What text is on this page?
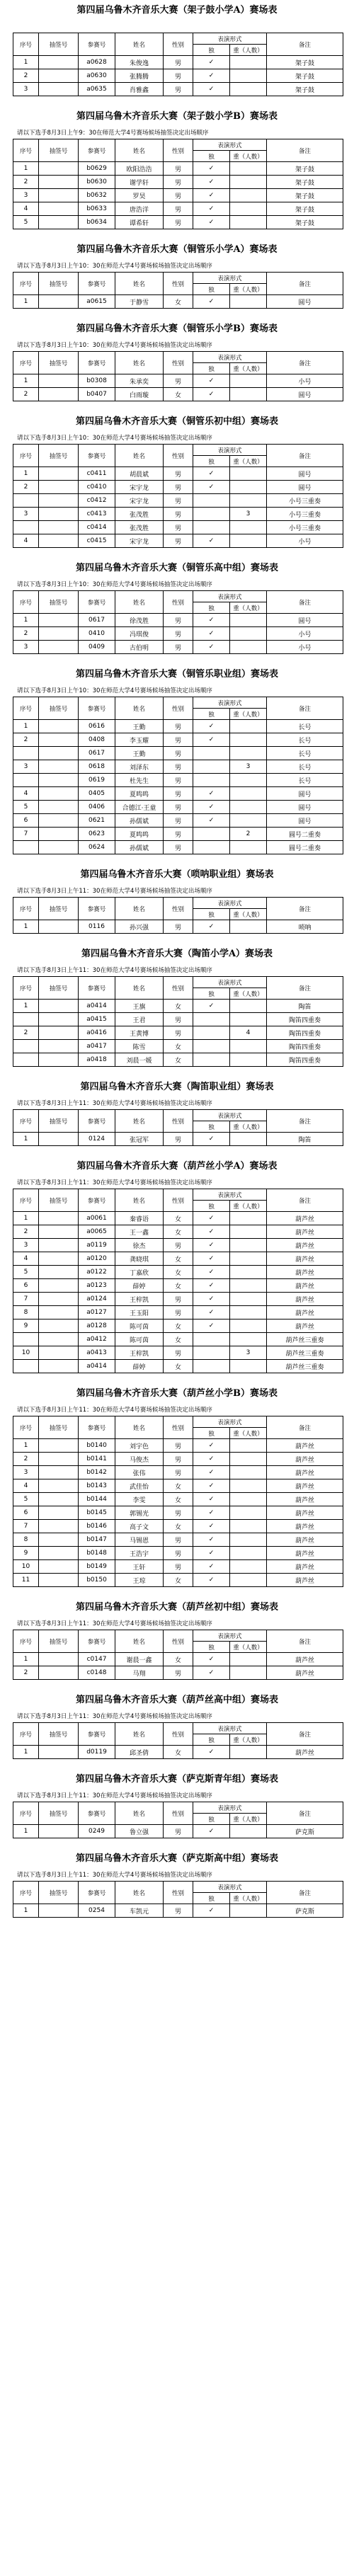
第四届乌鲁木齐音乐大赛（架子鼓小学A）赛场表
序号	抽签号	参赛号	姓名	性别	表演形式		备注
					独	重（人数）	
1		a0628	朱俊逸	男	✓		架子鼓
2		a0630	张腾腾	男	✓		架子鼓
3		a0635	肖雅鑫	男	✓		架子鼓
第四届乌鲁木齐音乐大赛（架子鼓小学B）赛场表
请以下选手8月3日上午9：30在师范大学4号赛场候场抽签决定出场顺序
序号	抽签号	参赛号	姓名	性别	表演形式		备注
					独	重（人数）	
1		b0629	欧阳浩浩	男	✓		架子鼓
2		b0630	谢学轩	男	✓		架子鼓
3		b0632	罗昊	男	✓		架子鼓
4		b0633	唐浩洋	男	✓		架子鼓
5		b0634	谭希轩	男	✓		架子鼓
第四届乌鲁木齐音乐大赛（铜管乐小学A）赛场表
请以下选手8月3日上午10：30在师范大学4号赛场候场抽签决定出场顺序
序号	抽签号	参赛号	姓名	性别	表演形式		备注
					独	重（人数）	
1		a0615	于静雪	女	✓		圆号
第四届乌鲁木齐音乐大赛（铜管乐小学B）赛场表
请以下选手8月3日上午10：30在师范大学4号赛场候场抽签决定出场顺序
序号	抽签号	参赛号	姓名	性别	表演形式		备注
					独	重（人数）	
1		b0308	朱承奕	男	✓		小号
2		b0407	白雨璇	女	✓		圆号
第四届乌鲁木齐音乐大赛（铜管乐初中组）赛场表
请以下选手8月3日上午10：30在师范大学4号赛场候场抽签决定出场顺序
序号	抽签号	参赛号	姓名	性别	表演形式		备注
					独	重（人数）	
1		c0411	胡晨斌	男	✓		圆号
2		c0410	宋宇龙	男	✓		圆号
		c0412	宋宇龙	男			小号三重奏
3		c0413	张茂胜	男		3	小号三重奏
		c0414	张茂胜	男			小号三重奏
4		c0415	宋宇龙	男	✓		小号
第四届乌鲁木齐音乐大赛（铜管乐高中组）赛场表
请以下选手8月3日上午10：30在师范大学4号赛场候场抽签决定出场顺序
序号	抽签号	参赛号	姓名	性别	表演形式		备注
					独	重（人数）	
1		0617	徐茂胜	男	✓		圆号
2		0410	冯琪俊	男	✓		小号
3		0409	古伯明	男	✓		小号
第四届乌鲁木齐音乐大赛（铜管乐职业组）赛场表
请以下选手8月3日上午10：30在师范大学4号赛场候场抽签决定出场顺序
序号	抽签号	参赛号	姓名	性别	表演形式		备注
					独	重（人数）	
1		0616	王勤	男	✓		长号
2		0408	李玉耀	男	✓		长号
		0617	王勤	男			长号
3		0618	刘泽东	男		3	长号
		0619	杜先生	男			长号
4		0405	夏鸣鸣	男	✓		圆号
5		0406	合德江·王童	男	✓		圆号
6		0621	孙儒斌	男	✓		圆号
7		0623	夏鸣鸣	男		2	圆号二重奏
		0624	孙儒斌	男			圆号二重奏
第四届乌鲁木齐音乐大赛（唢呐职业组）赛场表
请以下选手8月3日上午11：30在师范大学4号赛场候场抽签决定出场顺序
序号	抽签号	参赛号	姓名	性别	表演形式		备注
					独	重（人数）	
1		0116	孙兴强	男	✓		唢呐
第四届乌鲁木齐音乐大赛（陶笛小学A）赛场表
请以下选手8月3日上午11：30在师范大学4号赛场候场抽签决定出场顺序
序号	抽签号	参赛号	姓名	性别	表演形式		备注
					独	重（人数）	
1		a0414	王旗	女	✓		陶笛
		a0415	王君	男			陶笛四重奏
2		a0416	王黄博	男		4	陶笛四重奏
		a0417	陈雪	女			陶笛四重奏
		a0418	刘晨一媛	女			陶笛四重奏
第四届乌鲁木齐音乐大赛（陶笛职业组）赛场表
请以下选手8月3日上午11：30在师范大学4号赛场候场抽签决定出场顺序
序号	抽签号	参赛号	姓名	性别	表演形式		备注
					独	重（人数）	
1		0124	张冠军	男	✓		陶笛
第四届乌鲁木齐音乐大赛（葫芦丝小学A）赛场表
请以下选手8月3日上午11：30在师范大学4号赛场候场抽签决定出场顺序
序号	抽签号	参赛号	姓名	性别	表演形式		备注
					独	重（人数）	
1		a0061	秦睿语	女	✓		葫芦丝
2		a0065	王一鑫	女	✓		葫芦丝
3		a0119	徐杰	男	✓		葫芦丝
4		a0120	龚晓琪	女	✓		葫芦丝
5		a0122	丁嘉欣	女	✓		葫芦丝
6		a0123	薛婷	女	✓		葫芦丝
7		a0124	王梓凯	男	✓		葫芦丝
8		a0127	王玉阳	男	✓		葫芦丝
9		a0128	陈可茵	女	✓		葫芦丝
		a0412	陈可茵	女			葫芦丝三重奏
10		a0413	王梓凯	男		3	葫芦丝三重奏
		a0414	薛婷	女			葫芦丝三重奏
第四届乌鲁木齐音乐大赛（葫芦丝小学B）赛场表
请以下选手8月3日上午11：30在师范大学4号赛场候场抽签决定出场顺序
序号	抽签号	参赛号	姓名	性别	表演形式		备注
					独	重（人数）	
1		b0140	刘宇色	男	✓		葫芦丝
2		b0141	马俊杰	男	✓		葫芦丝
3		b0142	张伟	男	✓		葫芦丝
4		b0143	武佳怡	女	✓		葫芦丝
5		b0144	李雯	女	✓		葫芦丝
6		b0145	郭锡光	男	✓		葫芦丝
7		b0146	高子文	女	✓		葫芦丝
8		b0147	马锡恩	男	✓		葫芦丝
9		b0148	王浩宇	男	✓		葫芦丝
10		b0149	王轩	男	✓		葫芦丝
11		b0150	王琼	女	✓		葫芦丝
第四届乌鲁木齐音乐大赛（葫芦丝初中组）赛场表
请以下选手8月3日上午11：30在师范大学4号赛场候场抽签决定出场顺序
序号	抽签号	参赛号	姓名	性别	表演形式		备注
					独	重（人数）	
1		c0147	谢晨一鑫	女	✓		葫芦丝
2		c0148	马翔	男	✓		葫芦丝
第四届乌鲁木齐音乐大赛（葫芦丝高中组）赛场表
请以下选手8月3日上午11：30在师范大学4号赛场候场抽签决定出场顺序
序号	抽签号	参赛号	姓名	性别	表演形式		备注
					独	重（人数）	
1		d0119	邱圣倩	女	✓		葫芦丝
第四届乌鲁木齐音乐大赛（萨克斯青年组）赛场表
请以下选手8月3日上午11：30在师范大学4号赛场候场抽签决定出场顺序
序号	抽签号	参赛号	姓名	性别	表演形式		备注
					独	重（人数）	
1		0249	鲁立强	男	✓		萨克斯
第四届乌鲁木齐音乐大赛（萨克斯高中组）赛场表
请以下选手8月3日上午11：30在师范大学4号赛场候场抽签决定出场顺序
序号	抽签号	参赛号	姓名	性别	表演形式		备注
					独	重（人数）	
1		0254	车凯元	男	✓		萨克斯
